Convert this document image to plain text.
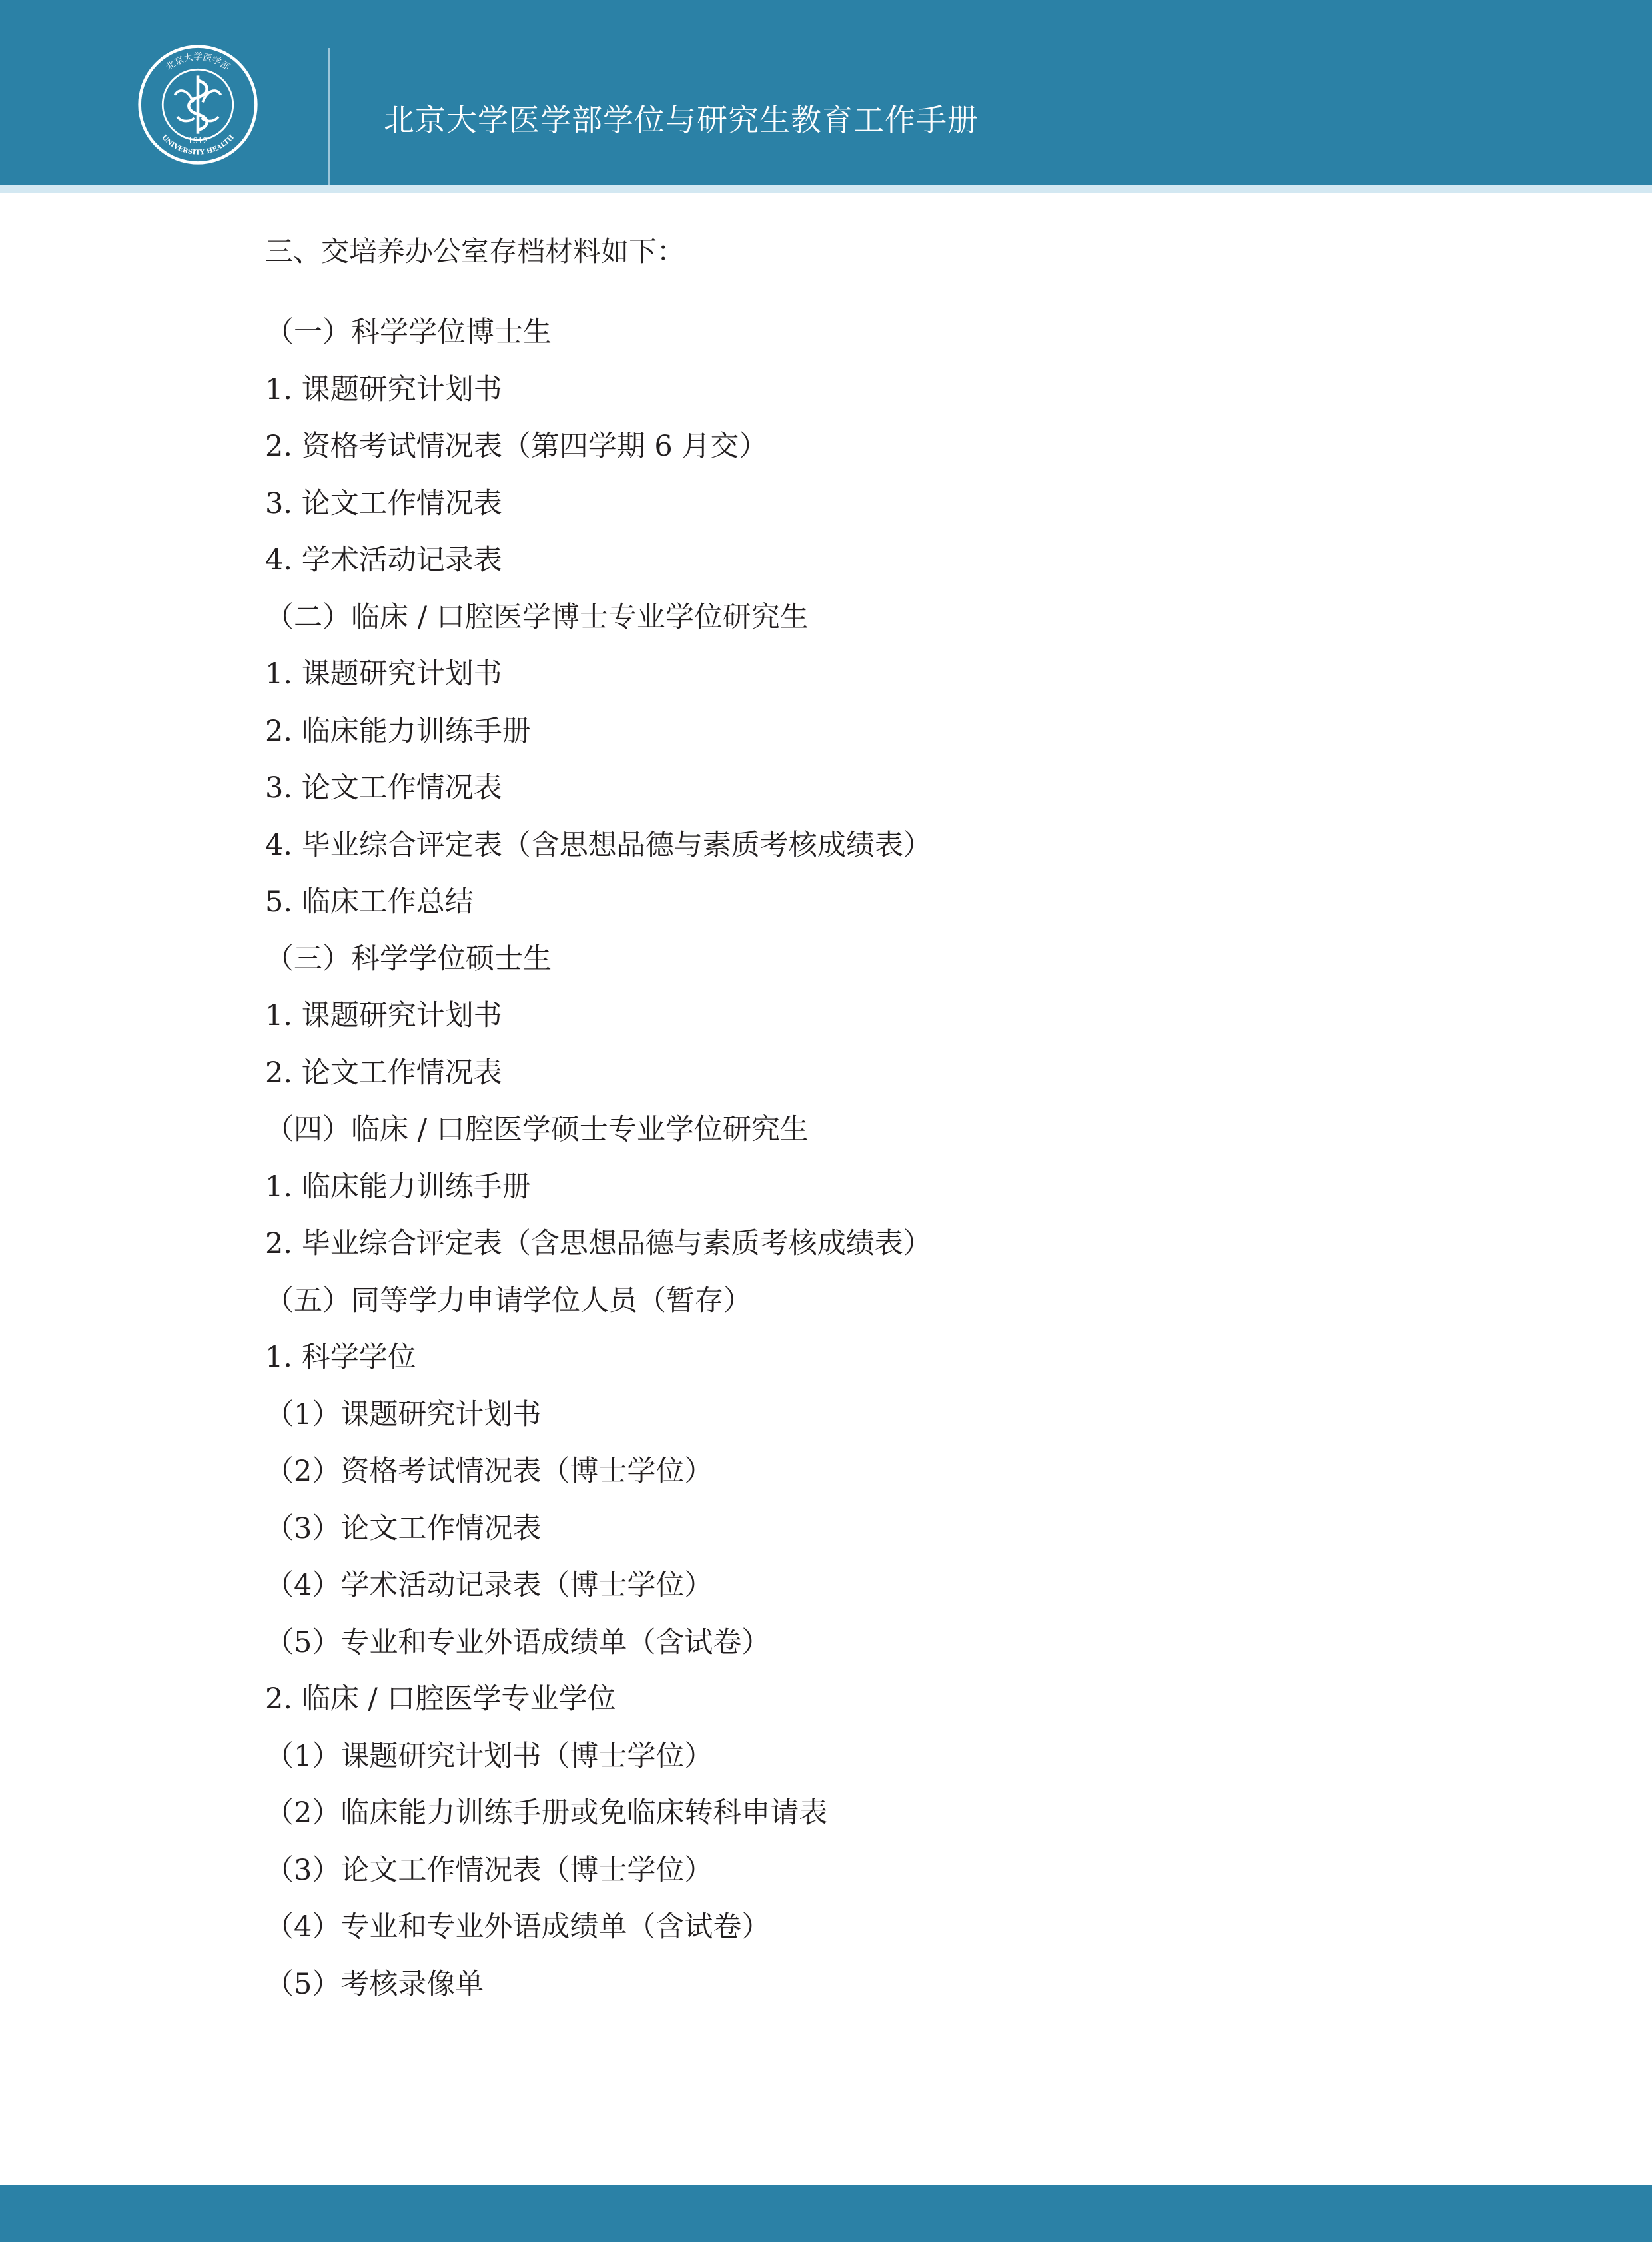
北京大学医学部
UNIVERSITY HEALTH
1912
北京大学医学部学位与研究生教育工作手册
三、交培养办公室存档材料如下：
（一）科学学位博士生
1. 课题研究计划书
2. 资格考试情况表（第四学期 6 月交）
3. 论文工作情况表
4. 学术活动记录表
（二）临床 / 口腔医学博士专业学位研究生
1. 课题研究计划书
2. 临床能力训练手册
3. 论文工作情况表
4. 毕业综合评定表（含思想品德与素质考核成绩表）
5. 临床工作总结
（三）科学学位硕士生
1. 课题研究计划书
2. 论文工作情况表
（四）临床 / 口腔医学硕士专业学位研究生
1. 临床能力训练手册
2. 毕业综合评定表（含思想品德与素质考核成绩表）
（五）同等学力申请学位人员（暂存）
1. 科学学位
（1）课题研究计划书
（2）资格考试情况表（博士学位）
（3）论文工作情况表
（4）学术活动记录表（博士学位）
（5）专业和专业外语成绩单（含试卷）
2. 临床 / 口腔医学专业学位
（1）课题研究计划书（博士学位）
（2）临床能力训练手册或免临床转科申请表
（3）论文工作情况表（博士学位）
（4）专业和专业外语成绩单（含试卷）
（5）考核录像单
